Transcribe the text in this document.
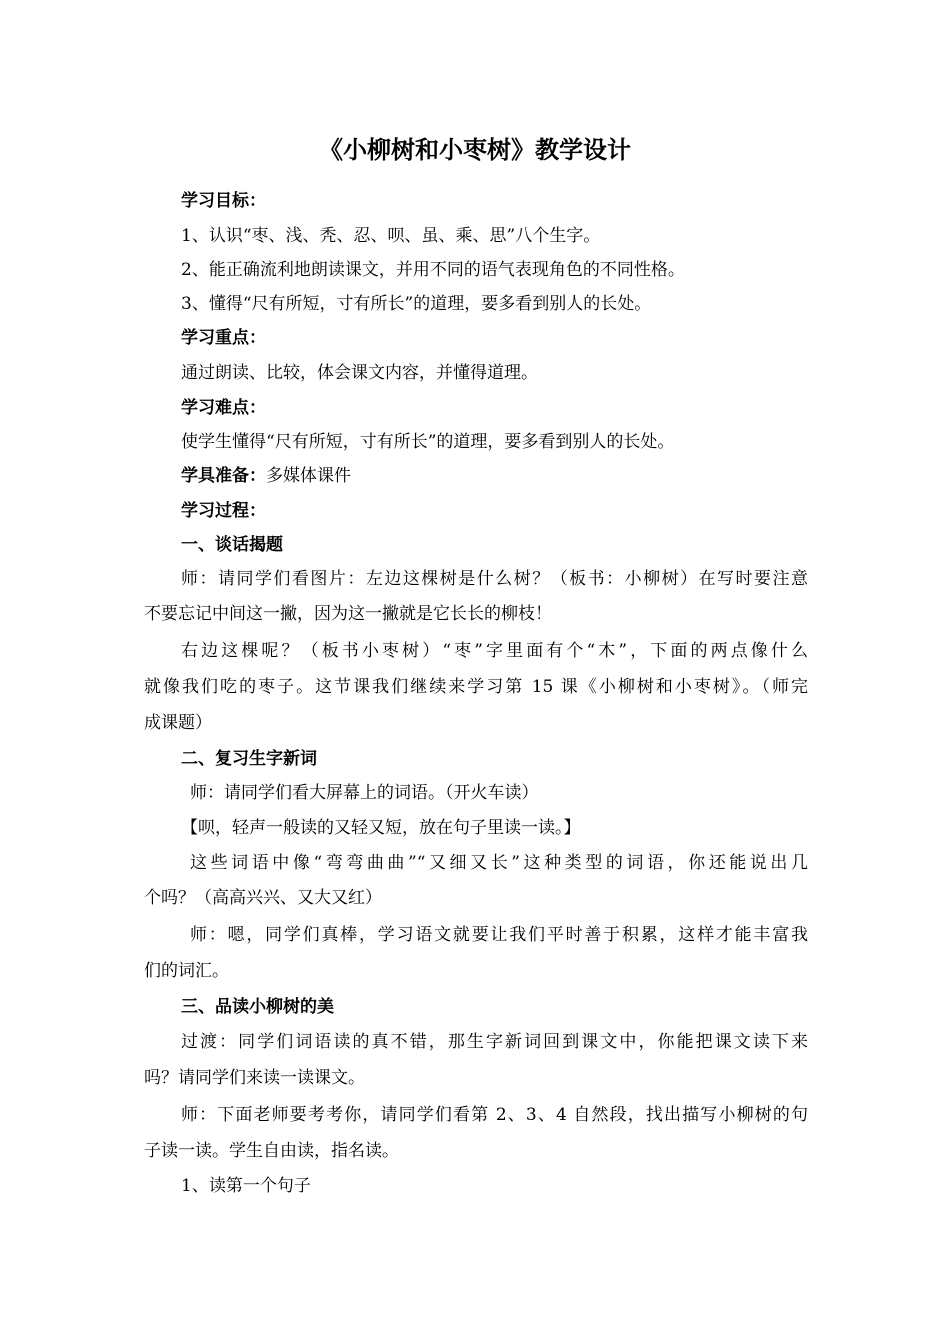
《小柳树和小枣树》教学设计
学习目标：
1、认识“枣、浅、秃、忍、呗、虽、乘、思”八个生字。
2、能正确流利地朗读课文，并用不同的语气表现角色的不同性格。
3、懂得“尺有所短，寸有所长”的道理，要多看到别人的长处。
学习重点：
通过朗读、比较，体会课文内容，并懂得道理。
学习难点：
使学生懂得“尺有所短，寸有所长”的道理，要多看到别人的长处。
学具准备：多媒体课件
学习过程：
一、谈话揭题
师：请同学们看图片：左边这棵树是什么树？（板书：小柳树）在写时要注意
不要忘记中间这一撇，因为这一撇就是它长长的柳枝！
右边这棵呢？（板书小枣树）“枣”字里面有个“木”，下面的两点像什么
就像我们吃的枣子。这节课我们继续来学习第 15 课《小柳树和小枣树》。（师完
成课题）
二、复习生字新词
师：请同学们看大屏幕上的词语。（开火车读）
【呗，轻声一般读的又轻又短，放在句子里读一读。】
这些词语中像“弯弯曲曲”“又细又长”这种类型的词语，你还能说出几
个吗？（高高兴兴、又大又红）
师：嗯，同学们真棒，学习语文就要让我们平时善于积累，这样才能丰富我
们的词汇。
三、品读小柳树的美
过渡：同学们词语读的真不错，那生字新词回到课文中，你能把课文读下来
吗？请同学们来读一读课文。
师：下面老师要考考你，请同学们看第 2、3、4 自然段，找出描写小柳树的句
子读一读。学生自由读，指名读。
1、读第一个句子
